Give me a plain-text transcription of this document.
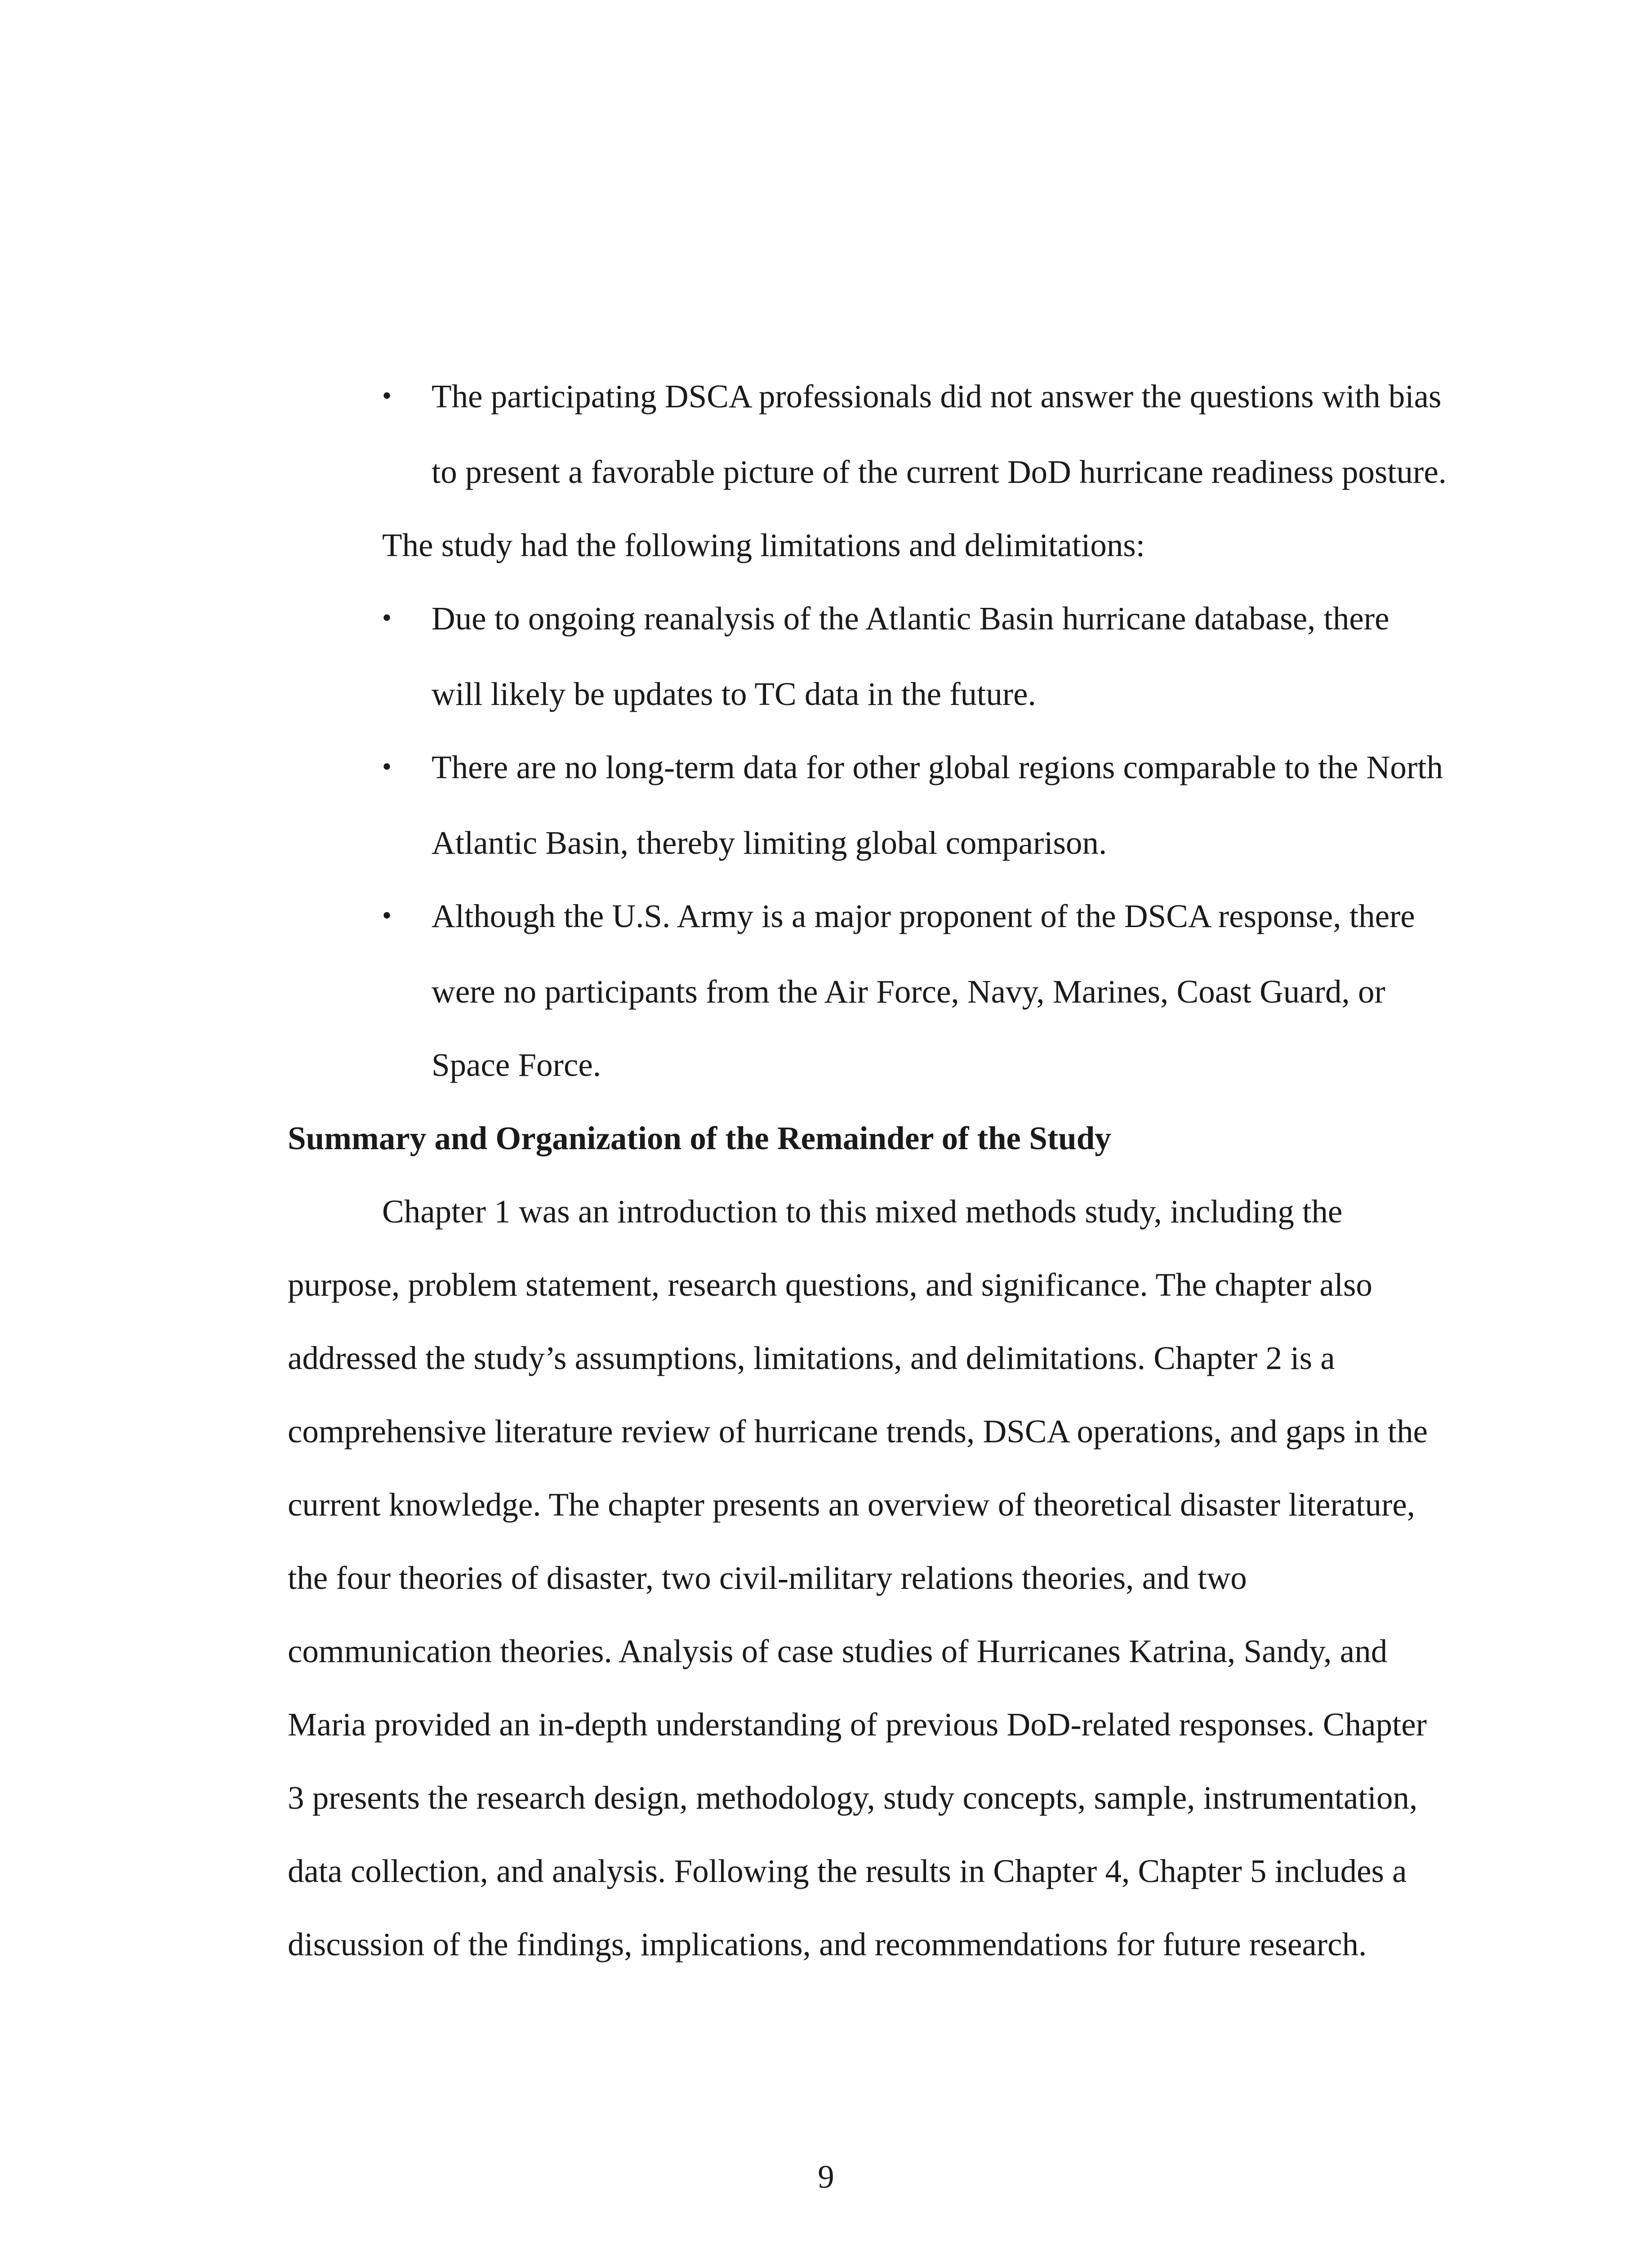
• The participating DSCA professionals did not answer the questions with bias to present a favorable picture of the current DoD hurricane readiness posture.

The study had the following limitations and delimitations:

• Due to ongoing reanalysis of the Atlantic Basin hurricane database, there will likely be updates to TC data in the future.
• There are no long-term data for other global regions comparable to the North Atlantic Basin, thereby limiting global comparison.
• Although the U.S. Army is a major proponent of the DSCA response, there were no participants from the Air Force, Navy, Marines, Coast Guard, or Space Force.
Summary and Organization of the Remainder of the Study

Chapter 1 was an introduction to this mixed methods study, including the purpose, problem statement, research questions, and significance. The chapter also addressed the study’s assumptions, limitations, and delimitations. Chapter 2 is a comprehensive literature review of hurricane trends, DSCA operations, and gaps in the current knowledge. The chapter presents an overview of theoretical disaster literature, the four theories of disaster, two civil-military relations theories, and two communication theories. Analysis of case studies of Hurricanes Katrina, Sandy, and Maria provided an in-depth understanding of previous DoD-related responses. Chapter 3 presents the research design, methodology, study concepts, sample, instrumentation, data collection, and analysis. Following the results in Chapter 4, Chapter 5 includes a discussion of the findings, implications, and recommendations for future research.

9
